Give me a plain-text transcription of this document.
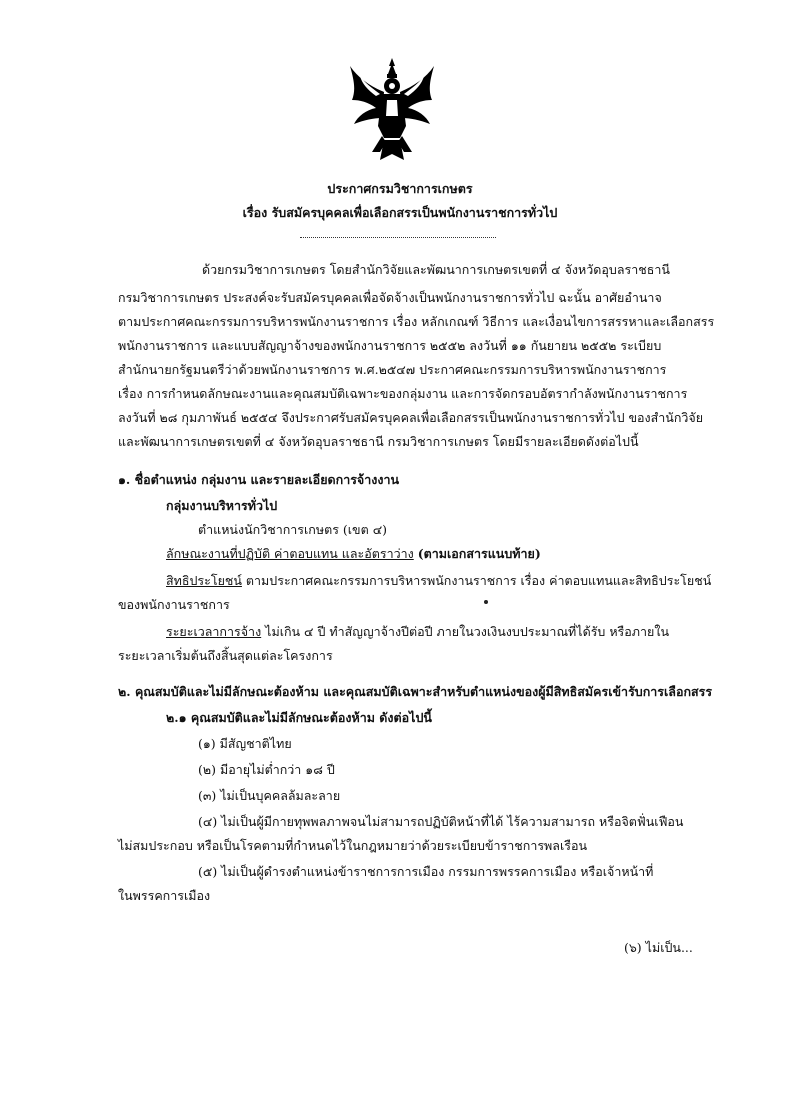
ประกาศกรมวิชาการเกษตร
เรื่อง รับสมัครบุคคลเพื่อเลือกสรรเป็นพนักงานราชการทั่วไป
ด้วยกรมวิชาการเกษตร โดยสำนักวิจัยและพัฒนาการเกษตรเขตที่ ๔ จังหวัดอุบลราชธานี
กรมวิชาการเกษตร ประสงค์จะรับสมัครบุคคลเพื่อจัดจ้างเป็นพนักงานราชการทั่วไป ฉะนั้น อาศัยอำนาจ
ตามประกาศคณะกรรมการบริหารพนักงานราชการ เรื่อง หลักเกณฑ์ วิธีการ และเงื่อนไขการสรรหาและเลือกสรร
พนักงานราชการ และแบบสัญญาจ้างของพนักงานราชการ ๒๕๕๒ ลงวันที่ ๑๑ กันยายน ๒๕๕๒ ระเบียบ
สำนักนายกรัฐมนตรีว่าด้วยพนักงานราชการ พ.ศ.๒๕๔๗ ประกาศคณะกรรมการบริหารพนักงานราชการ
เรื่อง การกำหนดลักษณะงานและคุณสมบัติเฉพาะของกลุ่มงาน และการจัดกรอบอัตรากำลังพนักงานราชการ
ลงวันที่ ๒๘ กุมภาพันธ์ ๒๕๕๔ จึงประกาศรับสมัครบุคคลเพื่อเลือกสรรเป็นพนักงานราชการทั่วไป ของสำนักวิจัย
และพัฒนาการเกษตรเขตที่ ๔ จังหวัดอุบลราชธานี กรมวิชาการเกษตร โดยมีรายละเอียดดังต่อไปนี้
๑. ชื่อตำแหน่ง กลุ่มงาน และรายละเอียดการจ้างงาน
กลุ่มงานบริหารทั่วไป
ตำแหน่งนักวิชาการเกษตร (เขต ๔)
ลักษณะงานที่ปฏิบัติ ค่าตอบแทน และอัตราว่าง (ตามเอกสารแนบท้าย)
สิทธิประโยชน์ ตามประกาศคณะกรรมการบริหารพนักงานราชการ เรื่อง ค่าตอบแทนและสิทธิประโยชน์
ของพนักงานราชการ
ระยะเวลาการจ้าง ไม่เกิน ๔ ปี ทำสัญญาจ้างปีต่อปี ภายในวงเงินงบประมาณที่ได้รับ หรือภายใน
ระยะเวลาเริ่มต้นถึงสิ้นสุดแต่ละโครงการ
๒. คุณสมบัติและไม่มีลักษณะต้องห้าม และคุณสมบัติเฉพาะสำหรับตำแหน่งของผู้มีสิทธิสมัครเข้ารับการเลือกสรร
๒.๑ คุณสมบัติและไม่มีลักษณะต้องห้าม ดังต่อไปนี้
(๑) มีสัญชาติไทย
(๒) มีอายุไม่ต่ำกว่า ๑๘ ปี
(๓) ไม่เป็นบุคคลล้มละลาย
(๔) ไม่เป็นผู้มีกายทุพพลภาพจนไม่สามารถปฏิบัติหน้าที่ได้ ไร้ความสามารถ หรือจิตฟั่นเฟือน
ไม่สมประกอบ หรือเป็นโรคตามที่กำหนดไว้ในกฎหมายว่าด้วยระเบียบข้าราชการพลเรือน
(๕) ไม่เป็นผู้ดำรงตำแหน่งข้าราชการการเมือง กรรมการพรรคการเมือง หรือเจ้าหน้าที่
ในพรรคการเมือง
(๖) ไม่เป็น...
